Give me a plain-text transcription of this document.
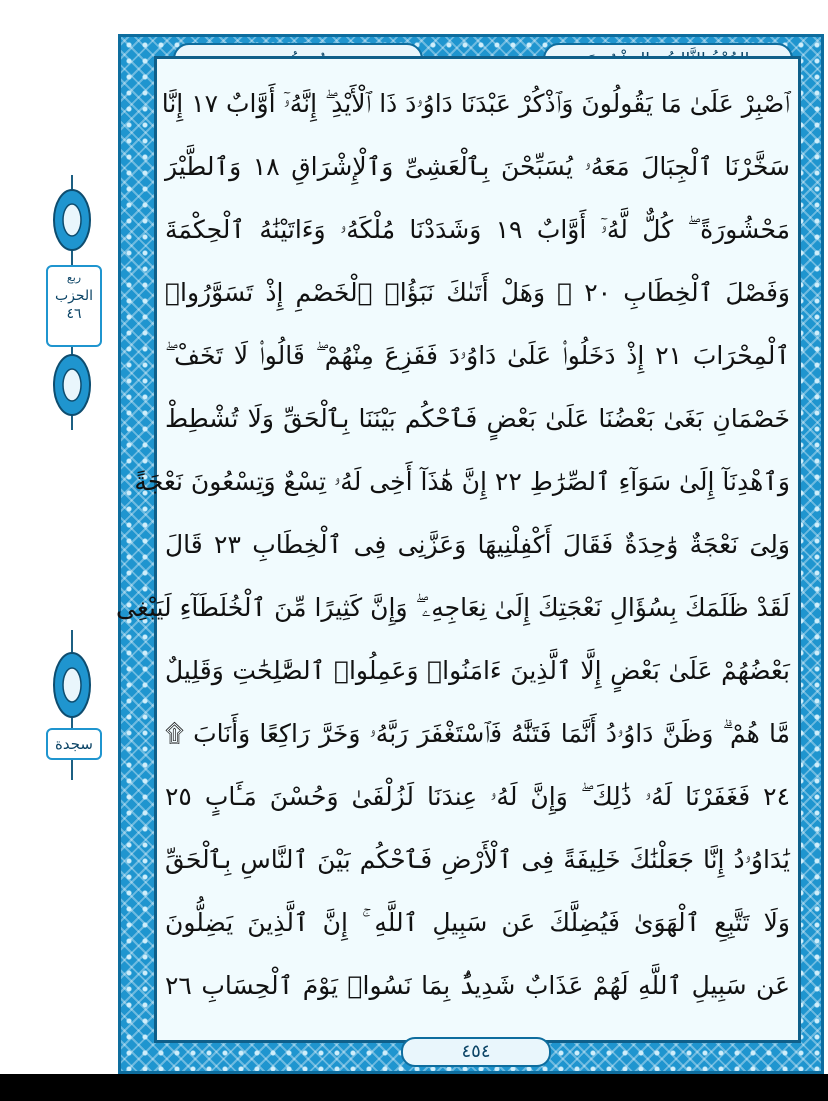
ٱصْبِرْ عَلَىٰ مَا يَقُولُونَ وَٱذْكُرْ عَبْدَنَا دَاوُۥدَ ذَا ٱلْأَيْدِ ۖ إِنَّهُۥٓ أَوَّابٌ ١٧ إِنَّا
سَخَّرْنَا ٱلْجِبَالَ مَعَهُۥ يُسَبِّحْنَ بِٱلْعَشِىِّ وَٱلْإِشْرَاقِ ١٨ وَٱلطَّيْرَ
مَحْشُورَةً ۖ كُلٌّ لَّهُۥٓ أَوَّابٌ ١٩ وَشَدَدْنَا مُلْكَهُۥ وَءَاتَيْنَٰهُ ٱلْحِكْمَةَ
وَفَصْلَ ٱلْخِطَابِ ٢٠ ۞ وَهَلْ أَتَىٰكَ نَبَؤُا۟ ٱلْخَصْمِ إِذْ تَسَوَّرُوا۟
ٱلْمِحْرَابَ ٢١ إِذْ دَخَلُوا۟ عَلَىٰ دَاوُۥدَ فَفَزِعَ مِنْهُمْ ۖ قَالُوا۟ لَا تَخَفْ ۖ
خَصْمَانِ بَغَىٰ بَعْضُنَا عَلَىٰ بَعْضٍ فَٱحْكُم بَيْنَنَا بِٱلْحَقِّ وَلَا تُشْطِطْ
وَٱهْدِنَآ إِلَىٰ سَوَآءِ ٱلصِّرَٰطِ ٢٢ إِنَّ هَٰذَآ أَخِى لَهُۥ تِسْعٌ وَتِسْعُونَ نَعْجَةً
وَلِىَ نَعْجَةٌ وَٰحِدَةٌ فَقَالَ أَكْفِلْنِيهَا وَعَزَّنِى فِى ٱلْخِطَابِ ٢٣ قَالَ
لَقَدْ ظَلَمَكَ بِسُؤَالِ نَعْجَتِكَ إِلَىٰ نِعَاجِهِۦ ۖ وَإِنَّ كَثِيرًا مِّنَ ٱلْخُلَطَآءِ لَيَبْغِى
بَعْضُهُمْ عَلَىٰ بَعْضٍ إِلَّا ٱلَّذِينَ ءَامَنُوا۟ وَعَمِلُوا۟ ٱلصَّٰلِحَٰتِ وَقَلِيلٌ
مَّا هُمْ ۗ وَظَنَّ دَاوُۥدُ أَنَّمَا فَتَنَّٰهُ فَٱسْتَغْفَرَ رَبَّهُۥ وَخَرَّ رَاكِعًا وَأَنَابَ ۩
٢٤ فَغَفَرْنَا لَهُۥ ذَٰلِكَ ۖ وَإِنَّ لَهُۥ عِندَنَا لَزُلْفَىٰ وَحُسْنَ مَـَٔابٍ ٢٥
يَٰدَاوُۥدُ إِنَّا جَعَلْنَٰكَ خَلِيفَةً فِى ٱلْأَرْضِ فَٱحْكُم بَيْنَ ٱلنَّاسِ بِٱلْحَقِّ
وَلَا تَتَّبِعِ ٱلْهَوَىٰ فَيُضِلَّكَ عَن سَبِيلِ ٱللَّهِ ۚ إِنَّ ٱلَّذِينَ يَضِلُّونَ
عَن سَبِيلِ ٱللَّهِ لَهُمْ عَذَابٌ شَدِيدٌۢ بِمَا نَسُوا۟ يَوْمَ ٱلْحِسَابِ ٢٦
٤٥٤
ربع
الحزب
٤٦
سجدة
